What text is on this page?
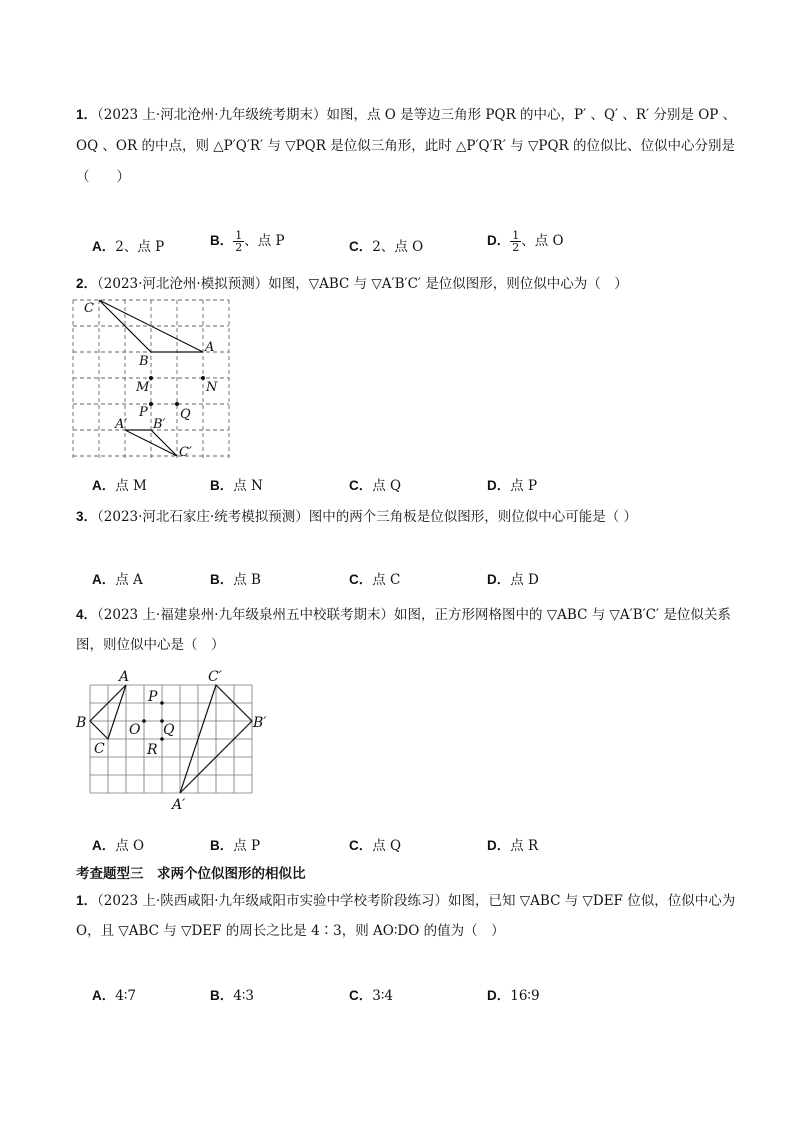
1．（2023 上·河北沧州·九年级统考期末）如图，点 O 是等边三角形 PQR 的中心，P′ 、Q′ 、R′ 分别是 OP 、
OQ 、OR 的中点，则 △P′Q′R′ 与 ▽PQR 是位似三角形，此时 △P′Q′R′ 与 ▽PQR 的位似比、位似中心分别是
（　　）
A．2、点 P	B． $\frac{1}{2}$ 、点 P	C．2、点 O	D． $\frac{1}{2}$ 、点 O
2．（2023·河北沧州·模拟预测）如图，▽ABC 与 ▽A′B′C′ 是位似图形，则位似中心为（　）
C
A
B
M	N
P Q
A′ B′
C′
A．点 M	B．点 N	C．点 Q	D．点 P
3．（2023·河北石家庄·统考模拟预测）图中的两个三角板是位似图形，则位似中心可能是（ ）
A．点 A	B．点 B	C．点 C	D．点 D
4．（2023 上·福建泉州·九年级泉州五中校联考期末）如图，正方形网格图中的 ▽ABC 与 ▽A′B′C′ 是位似关系
图，则位似中心是（　）
A
B
C
P
O Q
R
C′
B′
A′
A．点 O	B．点 P	C．点 Q	D．点 R
考查题型三　求两个位似图形的相似比
1．（2023 上·陕西咸阳·九年级咸阳市实验中学校考阶段练习）如图，已知 ▽ABC 与 ▽DEF 位似，位似中心为
O，且 ▽ABC 与 ▽DEF 的周长之比是 4∶3，则 AO∶DO 的值为（　）
A．4∶7	B．4∶3	C．3∶4	D．16∶9
